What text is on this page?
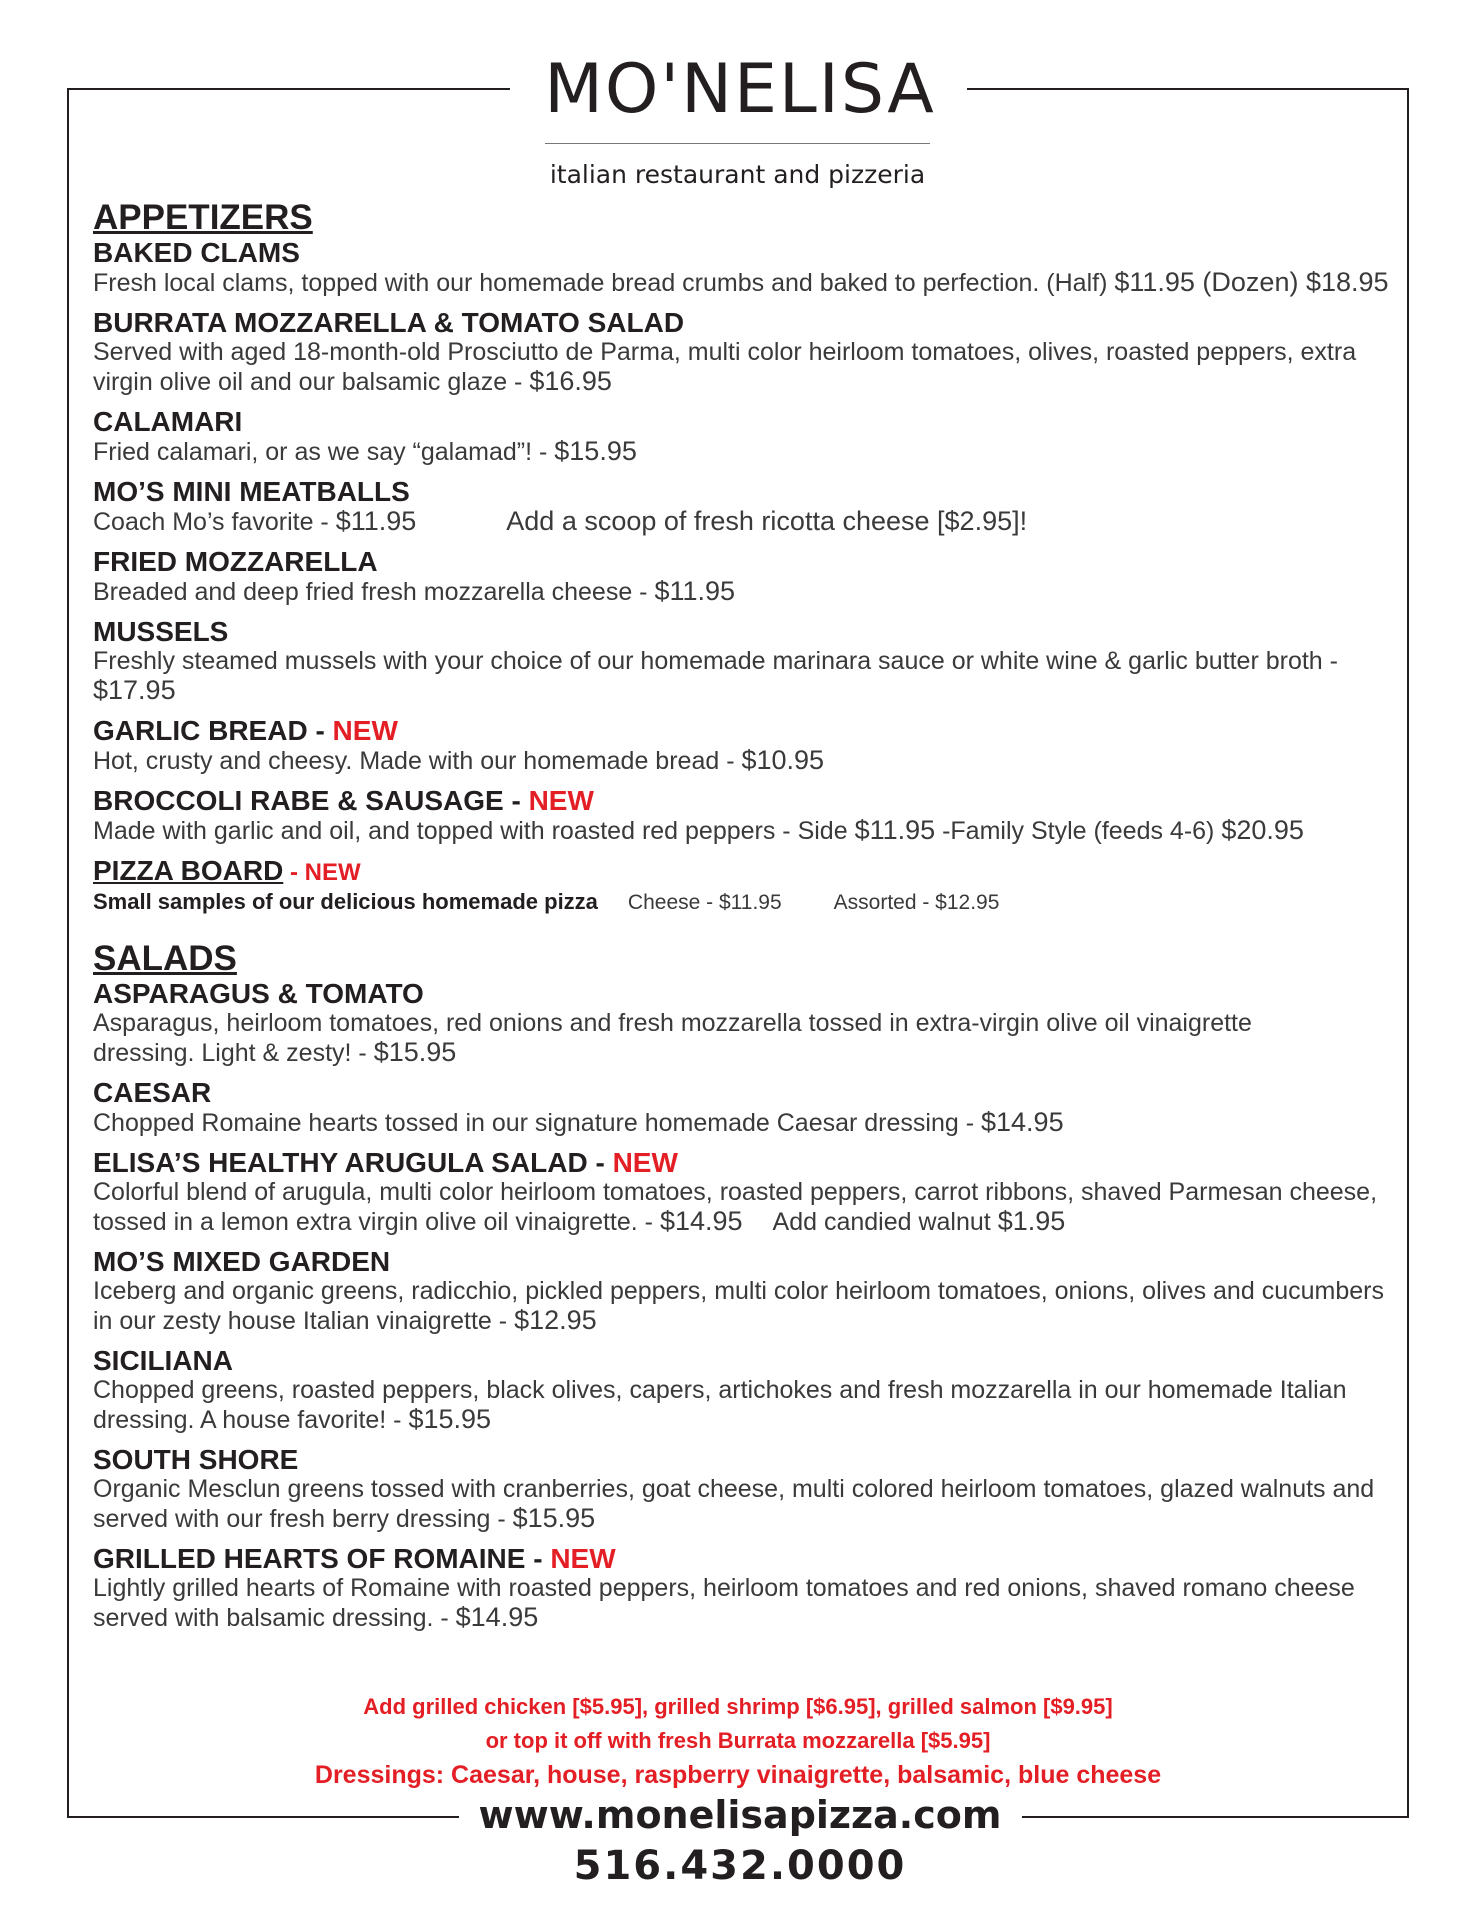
MO'NELISA
italian restaurant and pizzeria
APPETIZERS
BAKED CLAMS
Fresh local clams, topped with our homemade bread crumbs and baked to perfection. (Half) $11.95 (Dozen) $18.95
BURRATA MOZZARELLA & TOMATO SALAD
Served with aged 18-month-old Prosciutto de Parma, multi color heirloom tomatoes, olives, roasted peppers, extra virgin olive oil and our balsamic glaze - $16.95
CALAMARI
Fried calamari, or as we say “galamad”! - $15.95
MO’S MINI MEATBALLS
Coach Mo’s favorite - $11.95	Add a scoop of fresh ricotta cheese [$2.95]!
FRIED MOZZARELLA
Breaded and deep fried fresh mozzarella cheese - $11.95
MUSSELS
Freshly steamed mussels with your choice of our homemade marinara sauce or white wine & garlic butter broth - $17.95
GARLIC BREAD - NEW
Hot, crusty and cheesy. Made with our homemade bread - $10.95
BROCCOLI RABE & SAUSAGE - NEW
Made with garlic and oil, and topped with roasted red peppers - Side $11.95 -Family Style (feeds 4-6) $20.95
PIZZA BOARD - NEW
Small samples of our delicious homemade pizza Cheese - $11.95 Assorted - $12.95
SALADS
ASPARAGUS & TOMATO
Asparagus, heirloom tomatoes, red onions and fresh mozzarella tossed in extra-virgin olive oil vinaigrette dressing. Light & zesty! - $15.95
CAESAR
Chopped Romaine hearts tossed in our signature homemade Caesar dressing - $14.95
ELISA’S HEALTHY ARUGULA SALAD - NEW
Colorful blend of arugula, multi color heirloom tomatoes, roasted peppers, carrot ribbons, shaved Parmesan cheese, tossed in a lemon extra virgin olive oil vinaigrette. - $14.95 Add candied walnut $1.95
MO’S MIXED GARDEN
Iceberg and organic greens, radicchio, pickled peppers, multi color heirloom tomatoes, onions, olives and cucumbers in our zesty house Italian vinaigrette - $12.95
SICILIANA
Chopped greens, roasted peppers, black olives, capers, artichokes and fresh mozzarella in our homemade Italian dressing. A house favorite! - $15.95
SOUTH SHORE
Organic Mesclun greens tossed with cranberries, goat cheese, multi colored heirloom tomatoes, glazed walnuts and served with our fresh berry dressing - $15.95
GRILLED HEARTS OF ROMAINE - NEW
Lightly grilled hearts of Romaine with roasted peppers, heirloom tomatoes and red onions, shaved romano cheese served with balsamic dressing. - $14.95
Add grilled chicken [$5.95], grilled shrimp [$6.95], grilled salmon [$9.95]
or top it off with fresh Burrata mozzarella [$5.95]
Dressings: Caesar, house, raspberry vinaigrette, balsamic, blue cheese
www.monelisapizza.com
516.432.0000
